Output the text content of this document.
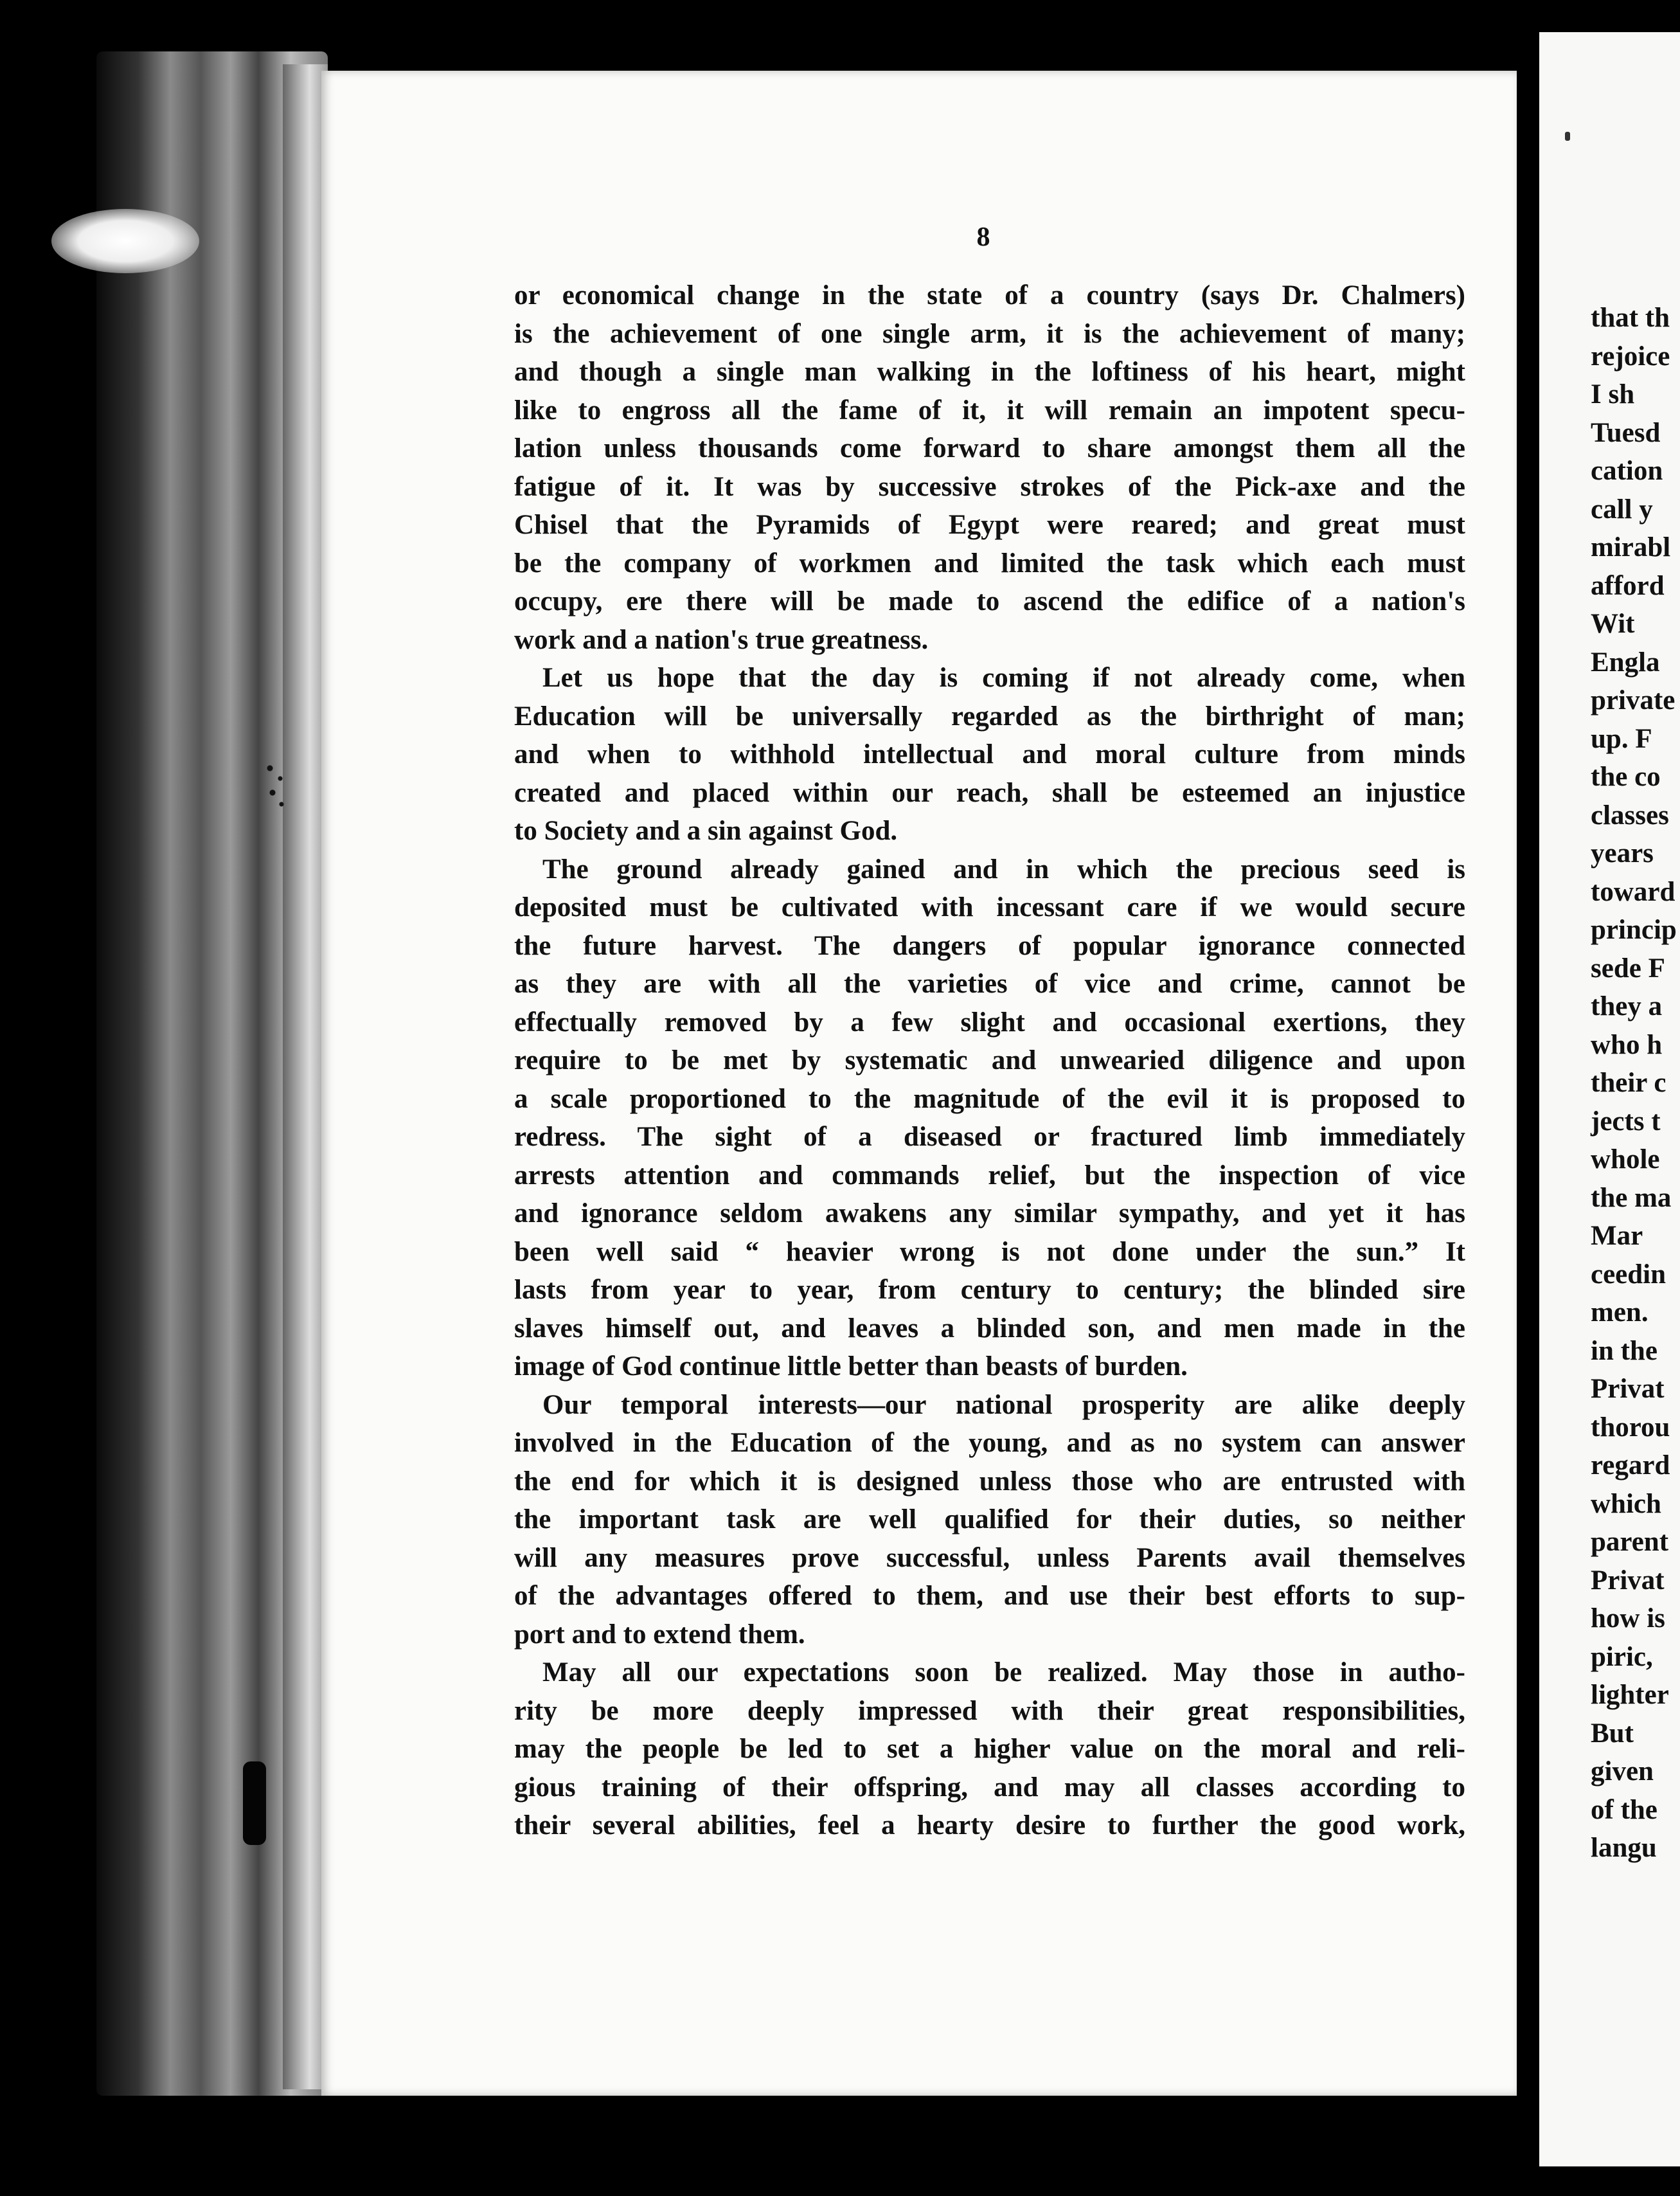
8
or economical change in the state of a country (says Dr. Chalmers)
is the achievement of one single arm, it is the achievement of many;
and though a single man walking in the loftiness of his heart, might
like to engross all the fame of it, it will remain an impotent specu-
lation unless thousands come forward to share amongst them all the
fatigue of it. It was by successive strokes of the Pick-axe and the
Chisel that the Pyramids of Egypt were reared; and great must
be the company of workmen and limited the task which each must
occupy, ere there will be made to ascend the edifice of a nation's
work and a nation's true greatness.
Let us hope that the day is coming if not already come, when
Education will be universally regarded as the birthright of man;
and when to withhold intellectual and moral culture from minds
created and placed within our reach, shall be esteemed an injustice
to Society and a sin against God.
The ground already gained and in which the precious seed is
deposited must be cultivated with incessant care if we would secure
the future harvest. The dangers of popular ignorance connected
as they are with all the varieties of vice and crime, cannot be
effectually removed by a few slight and occasional exertions, they
require to be met by systematic and unwearied diligence and upon
a scale proportioned to the magnitude of the evil it is proposed to
redress. The sight of a diseased or fractured limb immediately
arrests attention and commands relief, but the inspection of vice
and ignorance seldom awakens any similar sympathy, and yet it has
been well said “ heavier wrong is not done under the sun.” It
lasts from year to year, from century to century; the blinded sire
slaves himself out, and leaves a blinded son, and men made in the
image of God continue little better than beasts of burden.
Our temporal interests—our national prosperity are alike deeply
involved in the Education of the young, and as no system can answer
the end for which it is designed unless those who are entrusted with
the important task are well qualified for their duties, so neither
will any measures prove successful, unless Parents avail themselves
of the advantages offered to them, and use their best efforts to sup-
port and to extend them.
May all our expectations soon be realized. May those in autho-
rity be more deeply impressed with their great responsibilities,
may the people be led to set a higher value on the moral and reli-
gious training of their offspring, and may all classes according to
their several abilities, feel a hearty desire to further the good work,
that th
rejoice
I sh
Tuesd
cation
call y
mirabl
afford
Wit
Engla
private
up. F
the co
classes
years
toward
princip
sede F
they a
who h
their c
jects t
whole
the ma
Mar
ceedin
men.
in the
Privat
thorou
regard
which
parent
Privat
how is
piric,
lighter
But
given
of the
langu
